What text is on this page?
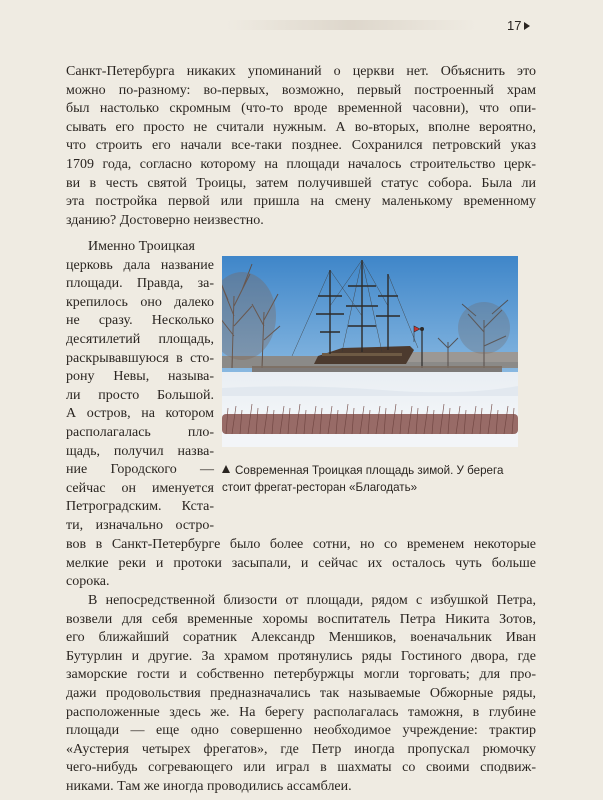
17
Санкт-Петербурга никаких упоминаний о церкви нет. Объяснить это
можно по-разному: во-первых, возможно, первый построенный храм
был настолько скромным (что-то вроде временной часовни), что опи-
сывать его просто не считали нужным. А во-вторых, вполне вероятно,
что строить его начали все-таки позднее. Сохранился петровский указ
1709 года, согласно которому на площади началось строительство церк-
ви в честь святой Троицы, затем получившей статус собора. Была ли
эта постройка первой или пришла на смену маленькому временному
зданию? Достоверно неизвестно.
Именно Троицкая
церковь дала название
площади. Правда, за-
крепилось оно далеко
не сразу. Несколько
десятилетий площадь,
раскрывавшуюся в сто-
рону Невы, называ-
ли просто Большой.
А остров, на котором
располагалась пло-
щадь, получил назва-
ние Городского —
сейчас он именуется
Петроградским. Кста-
ти, изначально остро-
Современная Троицкая площадь зимой. У берега
стоит фрегат-ресторан «Благодать»
вов в Санкт-Петербурге было более сотни, но со временем некоторые
мелкие реки и протоки засыпали, и сейчас их осталось чуть больше
сорока.
В непосредственной близости от площади, рядом с избушкой Петра,
возвели для себя временные хоромы воспитатель Петра Никита Зотов,
его ближайший соратник Александр Меншиков, военачальник Иван
Бутурлин и другие. За храмом протянулись ряды Гостиного двора, где
заморские гости и собственно петербуржцы могли торговать; для про-
дажи продовольствия предназначались так называемые Обжорные ряды,
расположенные здесь же. На берегу располагалась таможня, в глубине
площади — еще одно совершенно необходимое учреждение: трактир
«Аустерия четырех фрегатов», где Петр иногда пропускал рюмочку
чего-нибудь согревающего или играл в шахматы со своими сподвиж-
никами. Там же иногда проводились ассамблеи.
